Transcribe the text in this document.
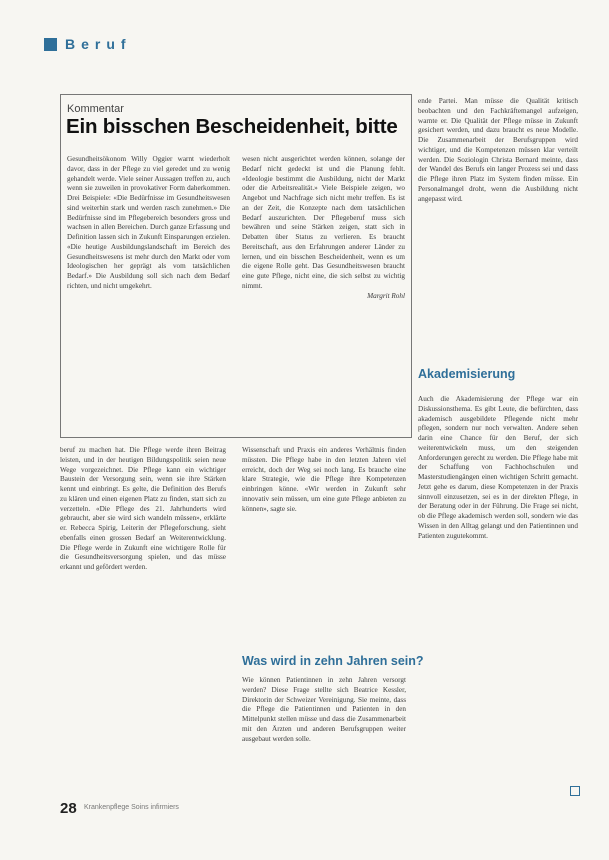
Beruf
Kommentar
Ein bisschen Bescheidenheit, bitte

Gesundheitsökonom Willy Oggier warnt wiederholt davor, dass in der Pflege zu viel geredet und zu wenig gehandelt werde. Viele seiner Aussagen treffen zu, auch wenn sie zuweilen in provokativer Form daherkommen. Drei Beispiele: «Die Bedürfnisse im Gesundheitswesen sind weiterhin stark und werden rasch zunehmen.» Die Bedürfnisse sind im Pflegebereich besonders gross und wachsen in allen Bereichen. Durch ganze Erfassung und Definition lassen sich in Zukunft Einsparungen erzielen. «Die heutige Ausbildungslandschaft im Bereich des Gesundheitswesens ist mehr durch den Markt oder vom Ideologischen her geprägt als vom tatsächlichen Bedarf.» Die Ausbildung soll sich nach dem Bedarf richten, und nicht umgekehrt.

wesen nicht ausgerichtet werden können, solange der Bedarf nicht gedeckt ist und die Planung fehlt. «Ideologie bestimmt die Ausbildung, nicht der Markt oder die Arbeitsrealität.» Viele Beispiele zeigen, wo Angebot und Nachfrage sich nicht mehr treffen. Es ist an der Zeit, die Konzepte nach dem tatsächlichen Bedarf auszurichten. Der Pflegeberuf muss sich bewähren und seine Stärken zeigen, statt sich in Debatten über Status zu verlieren. Es braucht Bereitschaft, aus den Erfahrungen anderer Länder zu lernen, und ein bisschen Bescheidenheit, wenn es um die eigene Rolle geht. Das Gesundheitswesen braucht eine gute Pflege, nicht eine, die sich selbst zu wichtig nimmt.

Margrit Rohl

ende Partei. Man müsse die Qualität kritisch beobachten und den Fachkräftemangel aufzeigen, warnte er. Die Qualität der Pflege müsse in Zukunft gesichert werden, und dazu braucht es neue Modelle. Die Zusammenarbeit der Berufsgruppen wird wichtiger, und die Kompetenzen müssen klar verteilt werden. Die Soziologin Christa Bernard meinte, dass der Wandel des Berufs ein langer Prozess sei und dass die Pflege ihren Platz im System finden müsse. Ein Personalmangel droht, wenn die Ausbildung nicht angepasst wird.

Akademisierung

Auch die Akademisierung der Pflege war ein Diskussionsthema. Es gibt Leute, die befürchten, dass akademisch ausgebildete Pflegende nicht mehr pflegen, sondern nur noch verwalten. Andere sehen darin eine Chance für den Beruf, der sich weiterentwickeln muss, um den steigenden Anforderungen gerecht zu werden. Die Pflege habe mit der Schaffung von Fachhochschulen und Masterstudiengängen einen wichtigen Schritt gemacht. Jetzt gehe es darum, diese Kompetenzen in der Praxis sinnvoll einzusetzen, sei es in der direkten Pflege, in der Beratung oder in der Führung. Die Frage sei nicht, ob die Pflege akademisch werden soll, sondern wie das Wissen in den Alltag gelangt und den Patientinnen und Patienten zugutekommt.

beruf zu machen hat. Die Pflege werde ihren Beitrag leisten, und in der heutigen Bildungspolitik seien neue Wege vorgezeichnet. Die Pflege kann ein wichtiger Baustein der Versorgung sein, wenn sie ihre Stärken kennt und einbringt. Es gelte, die Definition des Berufs zu klären und einen eigenen Platz zu finden, statt sich zu verzetteln. «Die Pflege des 21. Jahrhunderts wird gebraucht, aber sie wird sich wandeln müssen», erklärte er. Rebecca Spirig, Leiterin der Pflegeforschung, sieht ebenfalls einen grossen Bedarf an Weiterentwicklung. Die Pflege werde in Zukunft eine wichtigere Rolle für die Gesundheitsversorgung spielen, und das müsse erkannt und gefördert werden.

Wissenschaft und Praxis ein anderes Verhältnis finden müssten. Die Pflege habe in den letzten Jahren viel erreicht, doch der Weg sei noch lang. Es brauche eine klare Strategie, wie die Pflege ihre Kompetenzen einbringen könne. «Wir werden in Zukunft sehr innovativ sein müssen, um eine gute Pflege anbieten zu können», sagte sie.

Was wird in zehn Jahren sein?

Wie können Patientinnen in zehn Jahren versorgt werden? Diese Frage stellte sich Beatrice Kessler, Direktorin der Schweizer Vereinigung. Sie meinte, dass die Pflege die Patientinnen und Patienten in den Mittelpunkt stellen müsse und dass die Zusammenarbeit mit den Ärzten und anderen Berufsgruppen weiter ausgebaut werden solle.

28 Krankenpflege Soins infirmiers
